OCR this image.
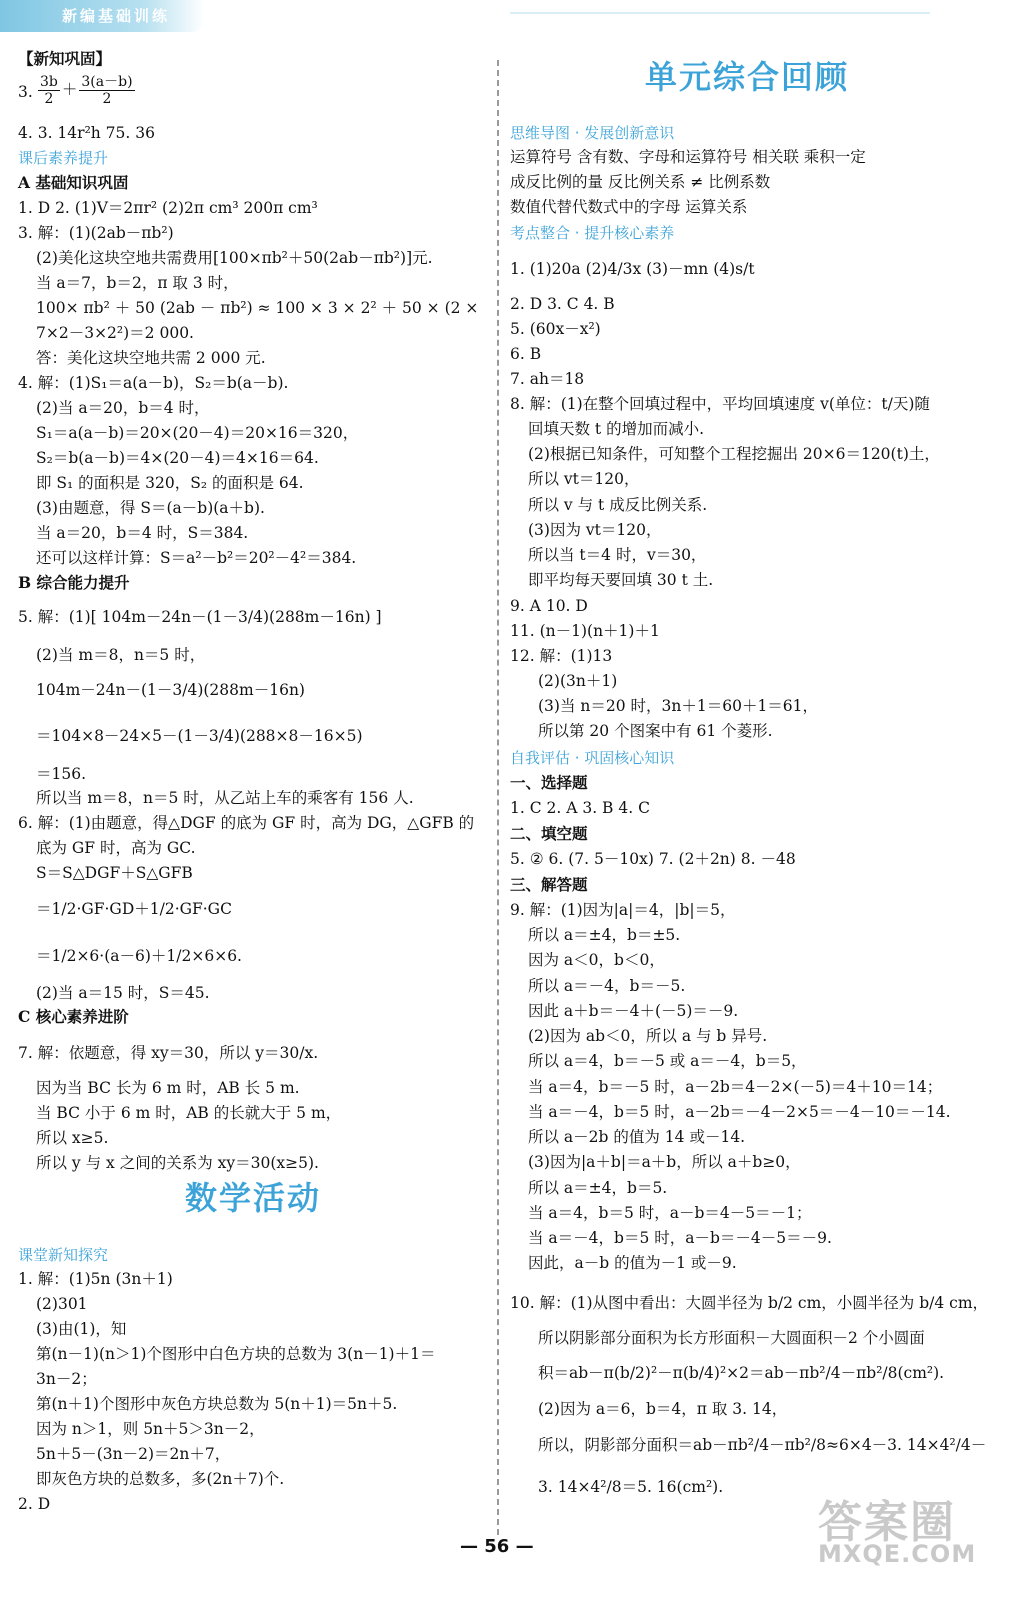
新编基础训练
【新知巩固】
3.
4. 3. 14r²h 75. 36
课后素养提升
A 基础知识巩固
1. D 2. (1)V＝2πr² (2)2π cm³ 200π cm³
3. 解：(1)(2ab－πb²)
(2)美化这块空地共需费用[100×πb²＋50(2ab－πb²)]元.
当 a＝7，b＝2，π 取 3 时，
100× πb² ＋ 50 (2ab － πb²) ≈ 100 × 3 × 2² ＋ 50 × (2 ×
7×2－3×2²)＝2 000.
答：美化这块空地共需 2 000 元.
4. 解：(1)S₁＝a(a－b)，S₂＝b(a－b).
(2)当 a＝20，b＝4 时，
S₁＝a(a－b)＝20×(20－4)＝20×16＝320，
S₂＝b(a－b)＝4×(20－4)＝4×16＝64.
即 S₁ 的面积是 320，S₂ 的面积是 64.
(3)由题意，得 S＝(a－b)(a＋b).
当 a＝20，b＝4 时，S＝384.
还可以这样计算：S＝a²－b²＝20²－4²＝384.
B 综合能力提升
5. 解：(1)[ 104m－24n－(1－3/4)(288m－16n) ]
(2)当 m＝8，n＝5 时，
104m－24n－(1－3/4)(288m－16n)
＝104×8－24×5－(1－3/4)(288×8－16×5)
＝156.
所以当 m＝8，n＝5 时，从乙站上车的乘客有 156 人.
6. 解：(1)由题意，得△DGF 的底为 GF 时，高为 DG，△GFB 的
底为 GF 时，高为 GC.
S＝S△DGF＋S△GFB
＝1/2·GF·GD＋1/2·GF·GC
＝1/2×6·(a－6)＋1/2×6×6.
(2)当 a＝15 时，S＝45.
C 核心素养进阶
7. 解：依题意，得 xy＝30，所以 y＝30/x.
因为当 BC 长为 6 m 时，AB 长 5 m.
当 BC 小于 6 m 时，AB 的长就大于 5 m，
所以 x≥5.
所以 y 与 x 之间的关系为 xy＝30(x≥5).
课堂新知探究
1. 解：(1)5n (3n＋1)
(2)301
(3)由(1)，知
第(n－1)(n＞1)个图形中白色方块的总数为 3(n－1)＋1＝
3n－2；
第(n＋1)个图形中灰色方块总数为 5(n＋1)＝5n＋5.
因为 n＞1，则 5n＋5＞3n－2，
5n＋5－(3n－2)＝2n＋7，
即灰色方块的总数多，多(2n＋7)个.
2. D
$\frac{3b}{2} + \frac{3(a-b)}{2}$
数学活动
单元综合回顾
思维导图 · 发展创新意识
运算符号 含有数、字母和运算符号 相关联 乘积一定
成反比例的量 反比例关系 ≠ 比例系数
数值代替代数式中的字母 运算关系
考点整合 · 提升核心素养
1. (1)20a (2)4/3x (3)－mn (4)s/t
2. D 3. C 4. B
5. (60x－x²)
6. B
7. ah＝18
8. 解：(1)在整个回填过程中，平均回填速度 v(单位：t/天)随
回填天数 t 的增加而减小.
(2)根据已知条件，可知整个工程挖掘出 20×6＝120(t)土，
所以 vt＝120，
所以 v 与 t 成反比例关系.
(3)因为 vt＝120，
所以当 t＝4 时，v＝30，
即平均每天要回填 30 t 土.
9. A 10. D
11. (n－1)(n＋1)＋1
12. 解：(1)13
(2)(3n＋1)
(3)当 n＝20 时，3n＋1＝60＋1＝61，
所以第 20 个图案中有 61 个菱形.
自我评估 · 巩固核心知识
一、选择题
1. C 2. A 3. B 4. C
二、填空题
5. ② 6. (7. 5－10x) 7. (2＋2n) 8. －48
三、解答题
9. 解：(1)因为|a|＝4，|b|＝5，
所以 a＝±4，b＝±5.
因为 a＜0，b＜0，
所以 a＝－4，b＝－5.
因此 a＋b＝－4＋(－5)＝－9.
(2)因为 ab＜0，所以 a 与 b 异号.
所以 a＝4，b＝－5 或 a＝－4，b＝5，
当 a＝4，b＝－5 时，a－2b＝4－2×(－5)＝4＋10＝14；
当 a＝－4，b＝5 时，a－2b＝－4－2×5＝－4－10＝－14.
所以 a－2b 的值为 14 或－14.
(3)因为|a＋b|＝a＋b，所以 a＋b≥0，
所以 a＝±4，b＝5.
当 a＝4，b＝5 时，a－b＝4－5＝－1；
当 a＝－4，b＝5 时，a－b＝－4－5＝－9.
因此，a－b 的值为－1 或－9.
10. 解：(1)从图中看出：大圆半径为 b/2 cm，小圆半径为 b/4 cm，
所以阴影部分面积为长方形面积－大圆面积－2 个小圆面
积＝ab－π(b/2)²－π(b/4)²×2＝ab－πb²/4－πb²/8(cm²).
(2)因为 a＝6，b＝4，π 取 3. 14，
所以，阴影部分面积＝ab－πb²/4－πb²/8≈6×4－3. 14×4²/4－
3. 14×4²/8＝5. 16(cm²).
— 56 —	答案圈
MXQE.COM
